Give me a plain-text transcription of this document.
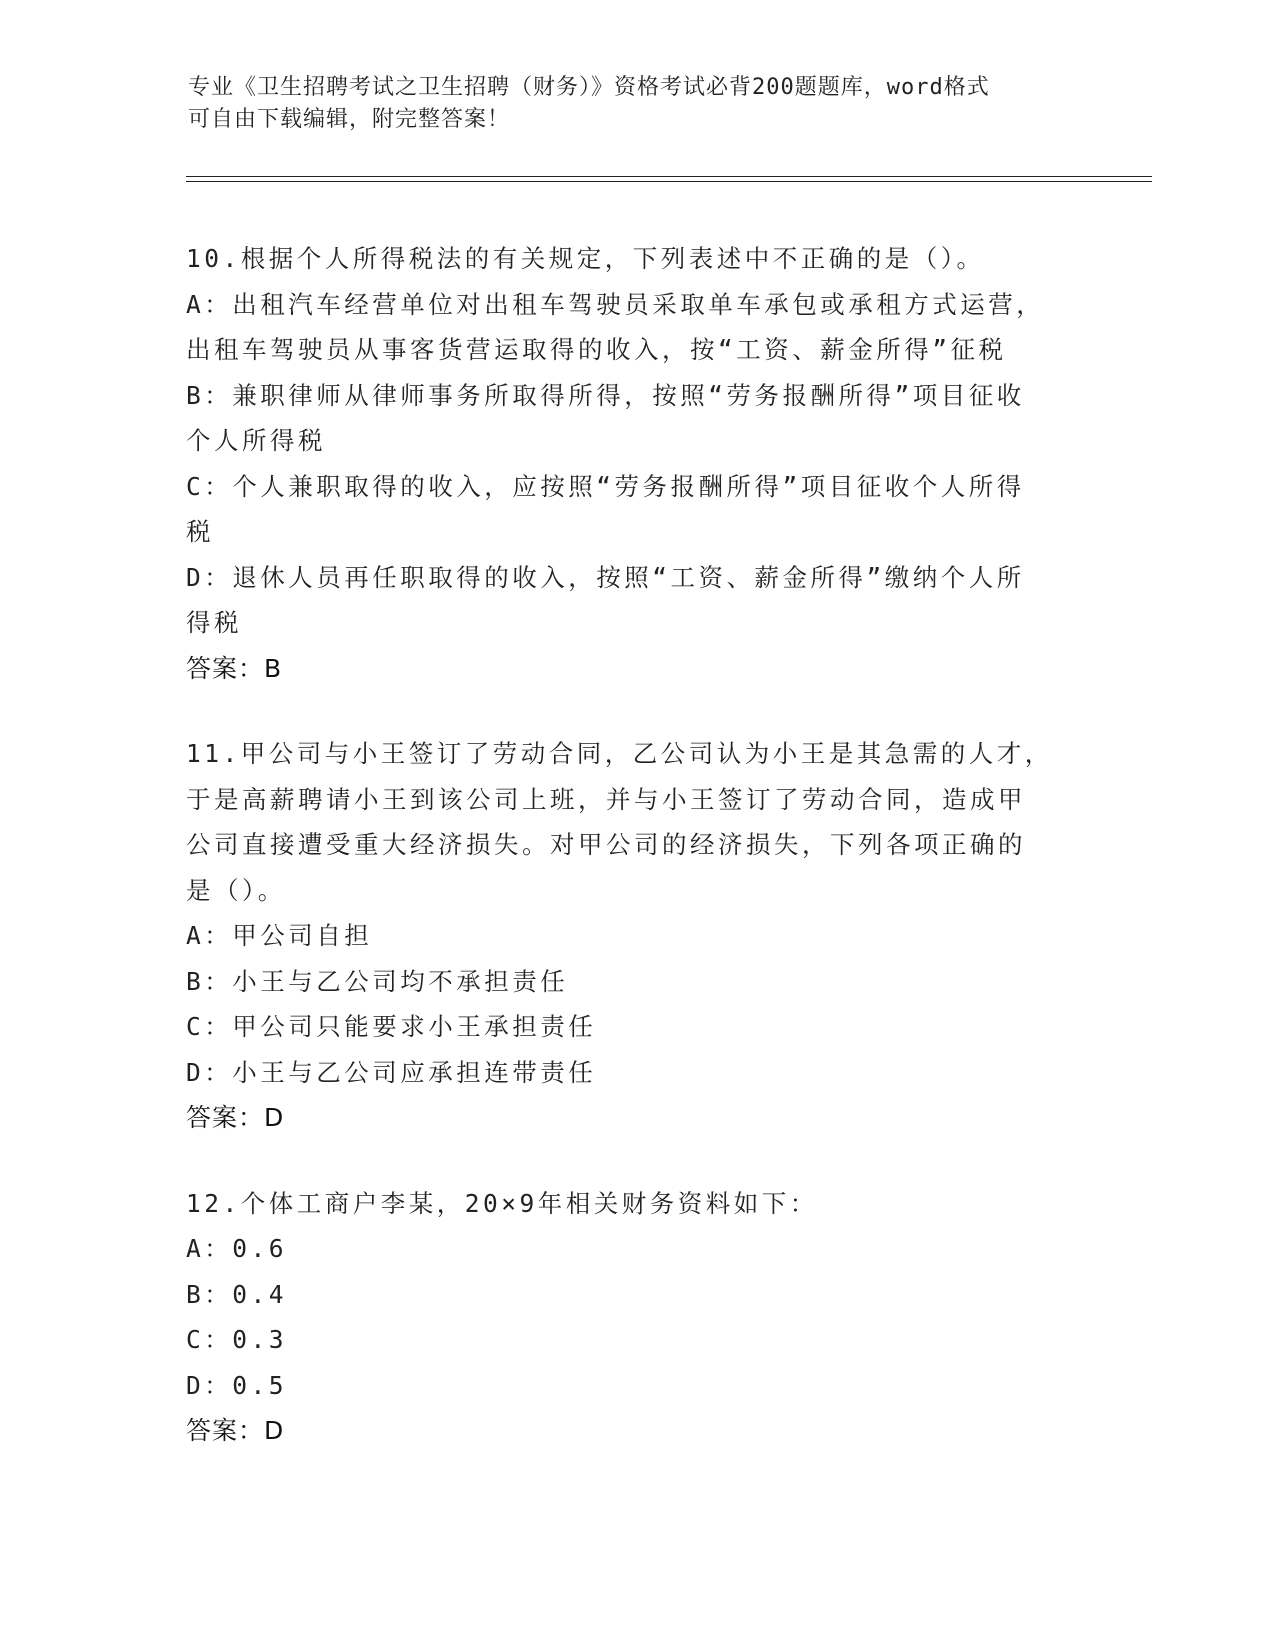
专业《卫生招聘考试之卫生招聘（财务）》资格考试必背200题题库，word格式
可自由下载编辑，附完整答案！
10.根据个人所得税法的有关规定，下列表述中不正确的是（）。
A：出租汽车经营单位对出租车驾驶员采取单车承包或承租方式运营，
出租车驾驶员从事客货营运取得的收入，按“工资、薪金所得”征税
B：兼职律师从律师事务所取得所得，按照“劳务报酬所得”项目征收
个人所得税
C：个人兼职取得的收入，应按照“劳务报酬所得”项目征收个人所得
税
D：退休人员再任职取得的收入，按照“工资、薪金所得”缴纳个人所
得税
答案：B
11.甲公司与小王签订了劳动合同，乙公司认为小王是其急需的人才，
于是高薪聘请小王到该公司上班，并与小王签订了劳动合同，造成甲
公司直接遭受重大经济损失。对甲公司的经济损失，下列各项正确的
是（）。
A：甲公司自担
B：小王与乙公司均不承担责任
C：甲公司只能要求小王承担责任
D：小王与乙公司应承担连带责任
答案：D
12.个体工商户李某，20×9年相关财务资料如下：
A：0.6
B：0.4
C：0.3
D：0.5
答案：D
